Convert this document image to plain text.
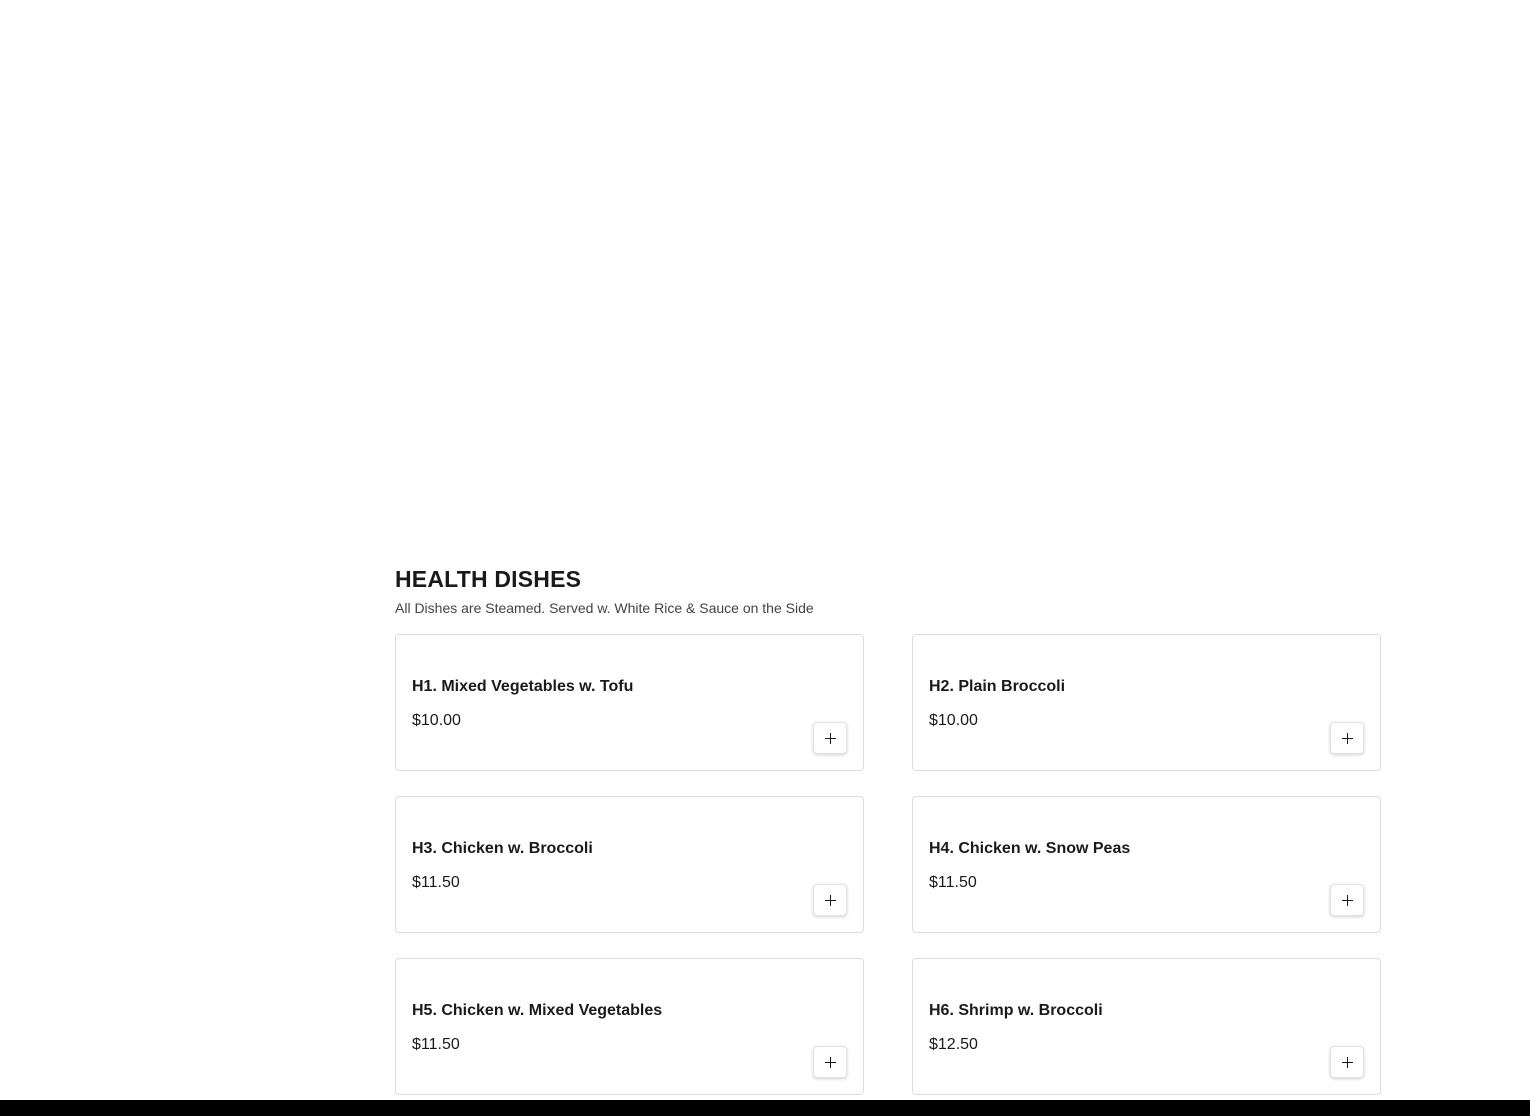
HEALTH DISHES

All Dishes are Steamed. Served w. White Rice & Sauce on the Side

H1. Mixed Vegetables w. Tofu
$10.00
H2. Plain Broccoli
$10.00
H3. Chicken w. Broccoli
$11.50
H4. Chicken w. Snow Peas
$11.50
H5. Chicken w. Mixed Vegetables
$11.50
H6. Shrimp w. Broccoli
$12.50
